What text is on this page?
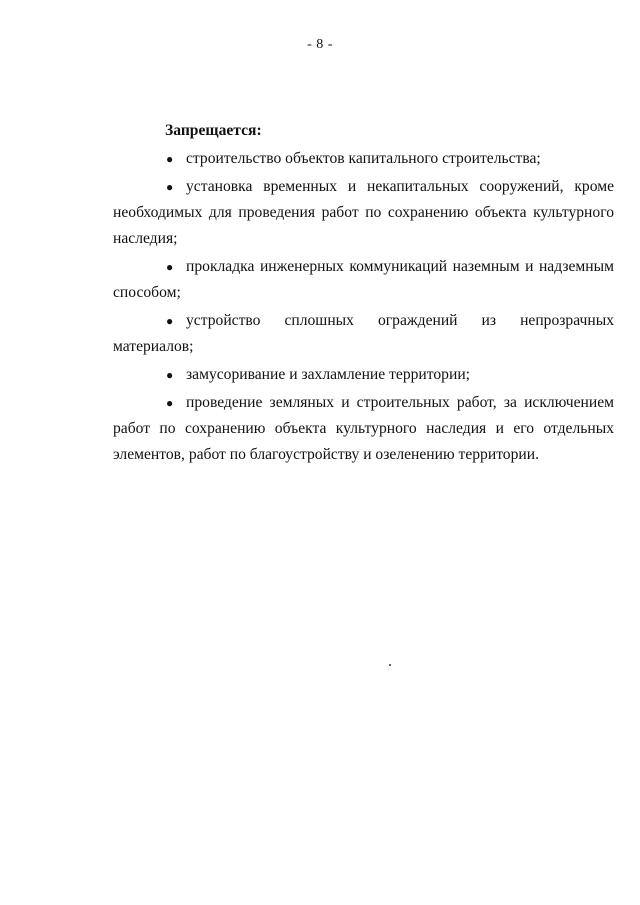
- 8 -
Запрещается:
● строительство объектов капитального строительства;
● установка временных и некапитальных сооружений, кроме необходимых для проведения работ по сохранению объекта культурного наследия;
● прокладка инженерных коммуникаций наземным и надземным способом;
● устройство сплошных ограждений из непрозрачных материалов;
● замусоривание и захламление территории;
● проведение земляных и строительных работ, за исключением работ по сохранению объекта культурного наследия и его отдельных элементов, работ по благоустройству и озеленению территории.
